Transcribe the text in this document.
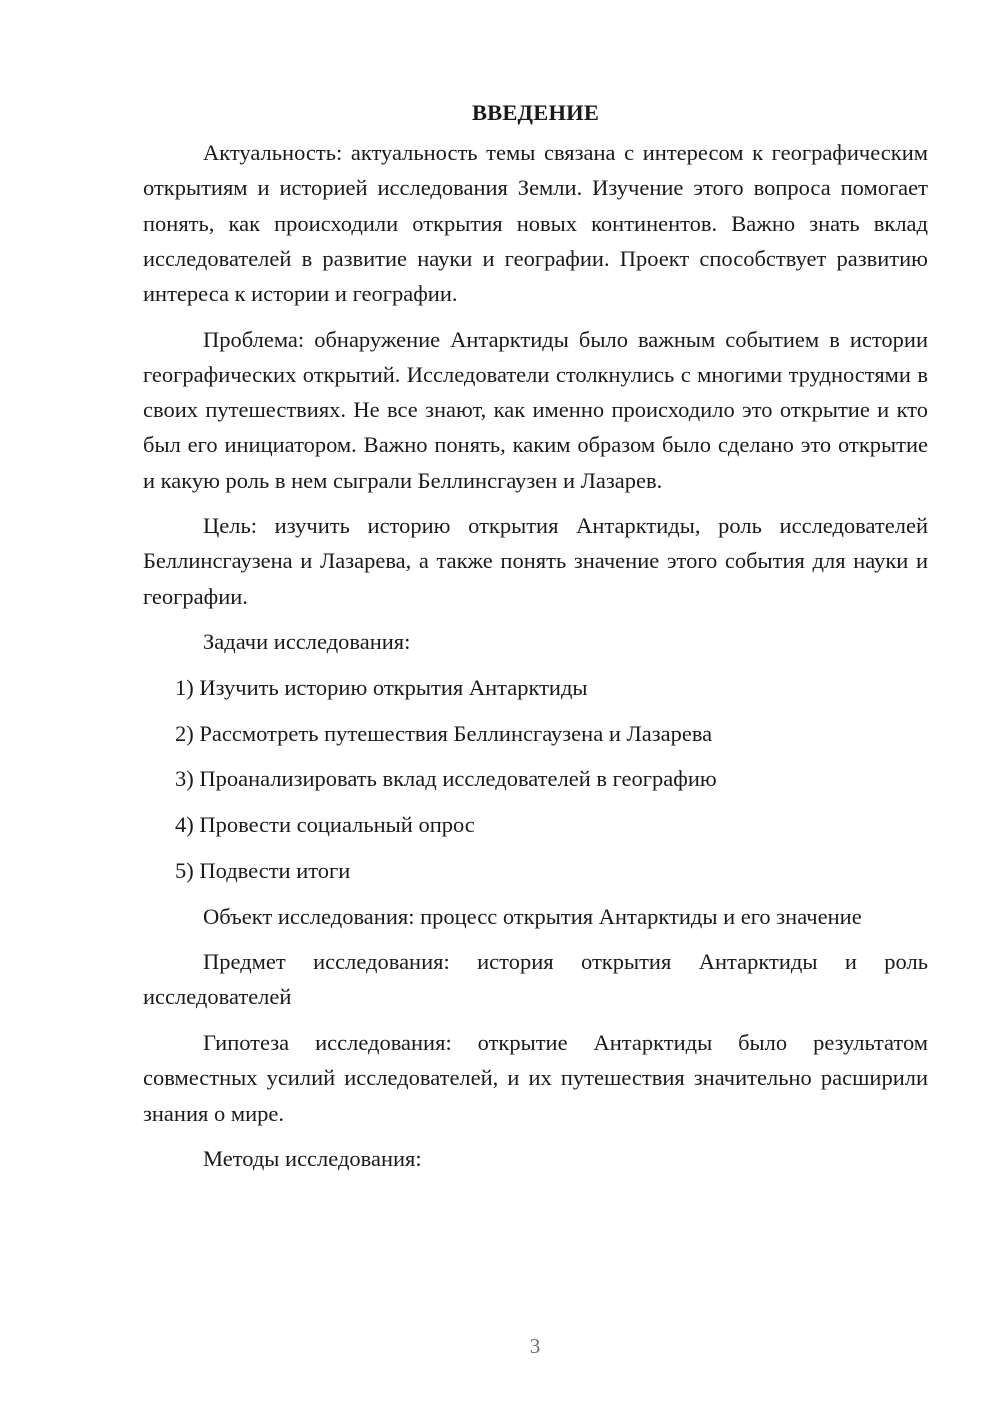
ВВЕДЕНИЕ

Актуальность: актуальность темы связана с интересом к географическим открытиям и историей исследования Земли. Изучение этого вопроса помогает понять, как происходили открытия новых континентов. Важно знать вклад исследователей в развитие науки и географии. Проект способствует развитию интереса к истории и географии.

Проблема: обнаружение Антарктиды было важным событием в истории географических открытий. Исследователи столкнулись с многими трудностями в своих путешествиях. Не все знают, как именно происходило это открытие и кто был его инициатором. Важно понять, каким образом было сделано это открытие и какую роль в нем сыграли Беллинсгаузен и Лазарев.

Цель: изучить историю открытия Антарктиды, роль исследователей Беллинсгаузена и Лазарева, а также понять значение этого события для науки и географии.

Задачи исследования:
1) Изучить историю открытия Антарктиды
2) Рассмотреть путешествия Беллинсгаузена и Лазарева
3) Проанализировать вклад исследователей в географию
4) Провести социальный опрос
5) Подвести итоги

Объект исследования: процесс открытия Антарктиды и его значение

Предмет исследования: история открытия Антарктиды и роль исследователей

Гипотеза исследования: открытие Антарктиды было результатом совместных усилий исследователей, и их путешествия значительно расширили знания о мире.

Методы исследования:
3
